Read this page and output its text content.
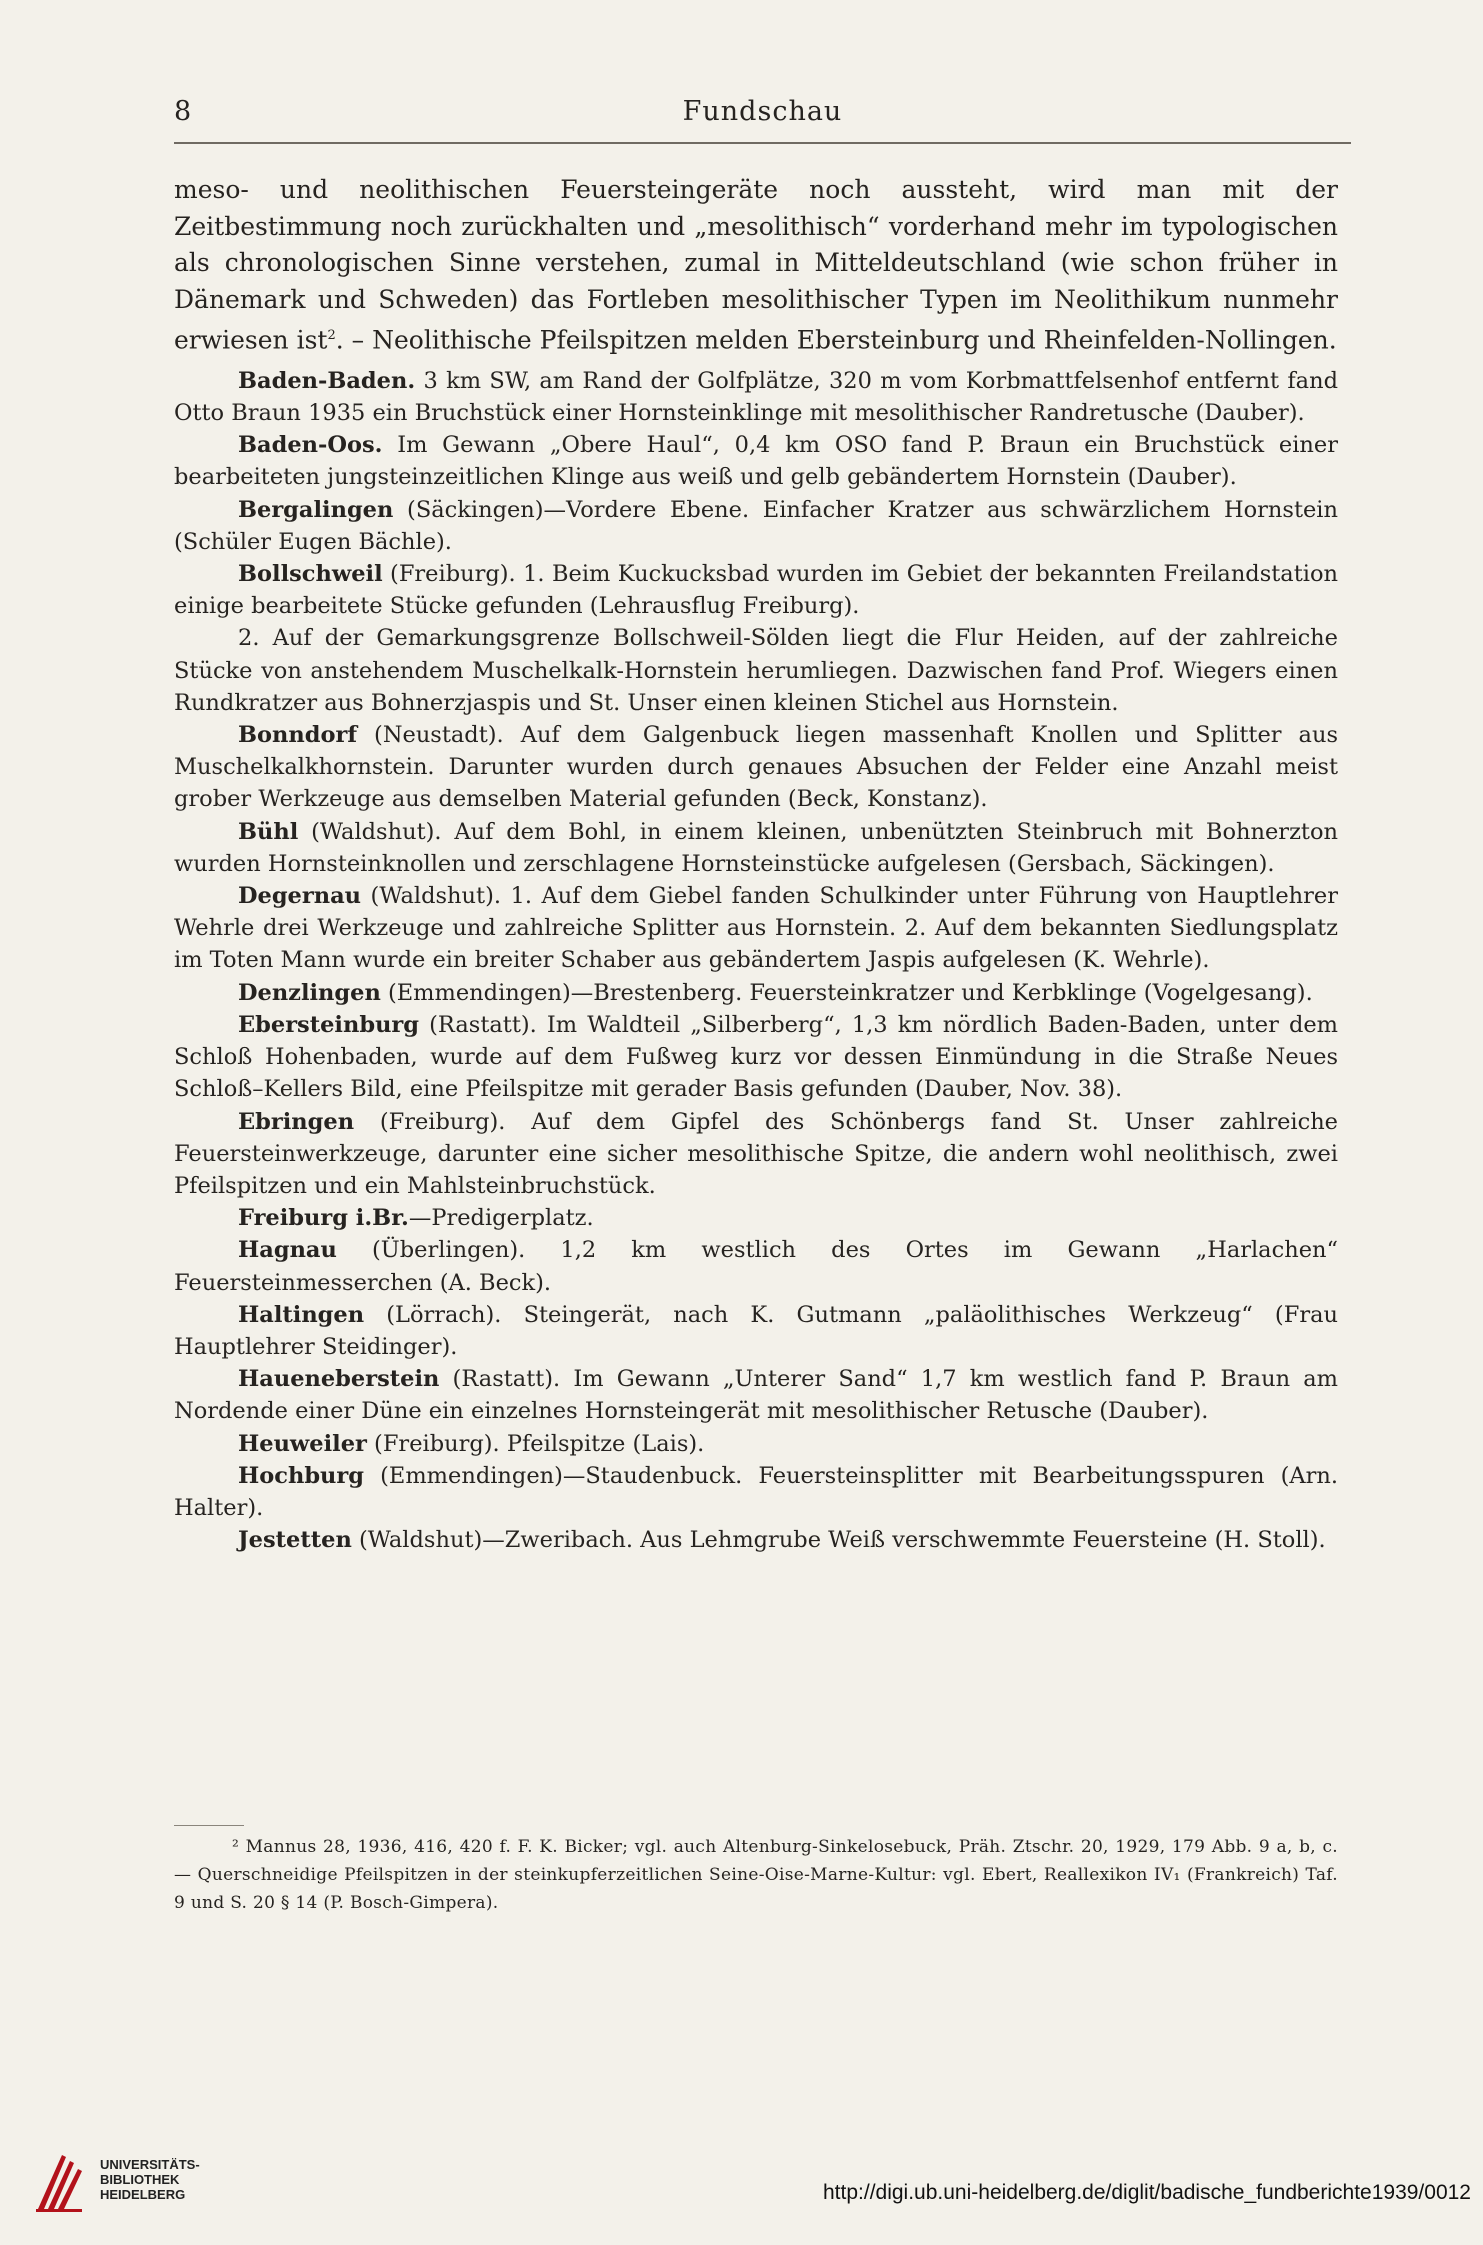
8	Fundschau

meso- und neolithischen Feuersteingeräte noch aussteht, wird man mit der Zeitbestimmung noch zurückhalten und „mesolithisch“ vorderhand mehr im typologischen als chronologischen Sinne verstehen, zumal in Mitteldeutschland (wie schon früher in Dänemark und Schweden) das Fortleben mesolithischer Typen im Neolithikum nunmehr erwiesen ist$^2$. – Neolithische Pfeilspitzen melden Ebersteinburg und Rheinfelden-Nollingen.

Baden-Baden. 3 km SW, am Rand der Golfplätze, 320 m vom Korbmattfelsenhof entfernt fand Otto Braun 1935 ein Bruchstück einer Hornsteinklinge mit mesolithischer Randretusche (Dauber).

Baden-Oos. Im Gewann „Obere Haul“, 0,4 km OSO fand P. Braun ein Bruchstück einer bearbeiteten jungsteinzeitlichen Klinge aus weiß und gelb gebändertem Hornstein (Dauber).

Bergalingen (Säckingen)—Vordere Ebene. Einfacher Kratzer aus schwärzlichem Hornstein (Schüler Eugen Bächle).

Bollschweil (Freiburg). 1. Beim Kuckucksbad wurden im Gebiet der bekannten Freilandstation einige bearbeitete Stücke gefunden (Lehrausflug Freiburg).

2. Auf der Gemarkungsgrenze Bollschweil-Sölden liegt die Flur Heiden, auf der zahlreiche Stücke von anstehendem Muschelkalk-Hornstein herumliegen. Dazwischen fand Prof. Wiegers einen Rundkratzer aus Bohnerzjaspis und St. Unser einen kleinen Stichel aus Hornstein.

Bonndorf (Neustadt). Auf dem Galgenbuck liegen massenhaft Knollen und Splitter aus Muschelkalkhornstein. Darunter wurden durch genaues Absuchen der Felder eine Anzahl meist grober Werkzeuge aus demselben Material gefunden (Beck, Konstanz).

Bühl (Waldshut). Auf dem Bohl, in einem kleinen, unbenützten Steinbruch mit Bohnerzton wurden Hornsteinknollen und zerschlagene Hornsteinstücke aufgelesen (Gersbach, Säckingen).

Degernau (Waldshut). 1. Auf dem Giebel fanden Schulkinder unter Führung von Hauptlehrer Wehrle drei Werkzeuge und zahlreiche Splitter aus Hornstein. 2. Auf dem bekannten Siedlungsplatz im Toten Mann wurde ein breiter Schaber aus gebändertem Jaspis aufgelesen (K. Wehrle).

Denzlingen (Emmendingen)—Brestenberg. Feuersteinkratzer und Kerbklinge (Vogelgesang).

Ebersteinburg (Rastatt). Im Waldteil „Silberberg“, 1,3 km nördlich Baden-Baden, unter dem Schloß Hohenbaden, wurde auf dem Fußweg kurz vor dessen Einmündung in die Straße Neues Schloß–Kellers Bild, eine Pfeilspitze mit gerader Basis gefunden (Dauber, Nov. 38).

Ebringen (Freiburg). Auf dem Gipfel des Schönbergs fand St. Unser zahlreiche Feuersteinwerkzeuge, darunter eine sicher mesolithische Spitze, die andern wohl neolithisch, zwei Pfeilspitzen und ein Mahlsteinbruchstück.

Freiburg i.Br.—Predigerplatz.

Hagnau (Überlingen). 1,2 km westlich des Ortes im Gewann „Harlachen“ Feuersteinmesserchen (A. Beck).

Haltingen (Lörrach). Steingerät, nach K. Gutmann „paläolithisches Werkzeug“ (Frau Hauptlehrer Steidinger).

Haueneberstein (Rastatt). Im Gewann „Unterer Sand“ 1,7 km westlich fand P. Braun am Nordende einer Düne ein einzelnes Hornsteingerät mit mesolithischer Retusche (Dauber).

Heuweiler (Freiburg). Pfeilspitze (Lais).

Hochburg (Emmendingen)—Staudenbuck. Feuersteinsplitter mit Bearbeitungsspuren (Arn. Halter).

Jestetten (Waldshut)—Zweribach. Aus Lehmgrube Weiß verschwemmte Feuersteine (H. Stoll).

² Mannus 28, 1936, 416, 420 f. F. K. Bicker; vgl. auch Altenburg-Sinkelosebuck, Präh. Ztschr. 20, 1929, 179 Abb. 9 a, b, c. — Querschneidige Pfeilspitzen in der steinkupferzeitlichen Seine-Oise-Marne-Kultur: vgl. Ebert, Reallexikon IV₁ (Frankreich) Taf. 9 und S. 20 § 14 (P. Bosch-Gimpera).

UNIVERSITÄTS-
BIBLIOTHEK
HEIDELBERG	http://digi.ub.uni-heidelberg.de/diglit/badische_fundberichte1939/0012
